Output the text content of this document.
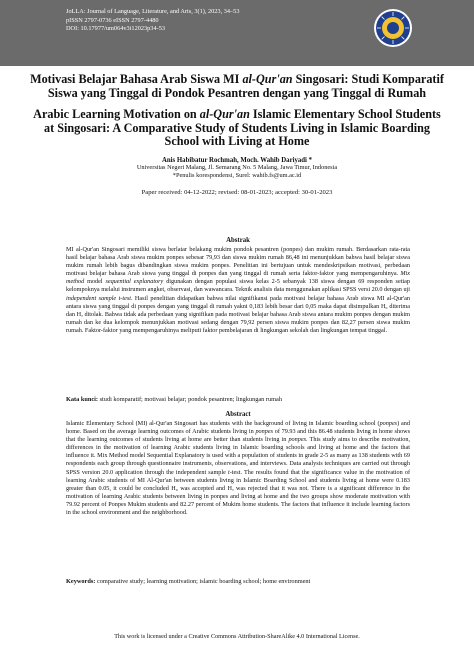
JoLLA: Journal of Language, Literature, and Arts, 3(1), 2023, 34–53
pISSN 2797-0736 eISSN 2797-4480
DOI: 10.17977/um064v3i12023p34-53
Motivasi Belajar Bahasa Arab Siswa MI al-Qur'an Singosari: Studi Komparatif Siswa yang Tinggal di Pondok Pesantren dengan yang Tinggal di Rumah
Arabic Learning Motivation on al-Qur'an Islamic Elementary School Students at Singosari: A Comparative Study of Students Living in Islamic Boarding School with Living at Home
Anis Habibatur Rochmah, Moch. Wahib Dariyadi *
Universitas Negeri Malang, Jl. Semarang No. 5 Malang, Jawa Timur, Indonesia
*Penulis korespondensi, Surel: wahib.fs@um.ac.id
Paper received: 04-12-2022; revised: 08-01-2023; accepted: 30-01-2023
Abstrak
MI al-Qur'an Singosari memiliki siswa berlatar belakang mukim pondok pesantren (ponpes) dan mukim rumah. Berdasarkan rata-rata hasil belajar bahasa Arab siswa mukim ponpes sebesar 79,93 dan siswa mukim rumah 86,48 ini menunjukkan bahwa hasil belajar siswa mukim rumah lebih bagus dibandingkan siswa mukim ponpes. Penelitian ini bertujuan untuk mendeskripsikan motivasi, perbedaan motivasi belajar bahasa Arab siswa yang tinggal di ponpes dan yang tinggal di rumah serta faktor-faktor yang mempengaruhinya. Mix method model sequential explanatory digunakan dengan populasi siswa kelas 2-5 sebanyak 138 siswa dengan 69 responden setiap kelompoknya melalui instrumen angket, observasi, dan wawancara. Teknik analisis data menggunakan aplikasi SPSS versi 20.0 dengan uji independent sample t-test. Hasil penelitian didapatkan bahwa nilai signifikansi pada motivasi belajar bahasa Arab siswa MI al-Qur'an antara siswa yang tinggal di ponpes dengan yang tinggal di rumah yakni 0,183 lebih besar dari 0,05 maka dapat disimpulkan H₀ diterima dan Hₐ ditolak. Bahwa tidak ada perbedaan yang signifikan pada motivasi belajar bahasa Arab siswa antara mukim ponpes dengan mukim rumah dan ke dua kelompok menunjukkan motivasi sedang dengan 79,92 persen siswa mukim ponpes dan 82,27 persen siswa mukim rumah. Faktor-faktor yang mempengaruhinya meliputi faktor pembelajaran di lingkungan sekolah dan lingkungan tempat tinggal.
Kata kunci: studi komparatif; motivasi belajar; pondok pesantren; lingkungan rumah
Abstract
Islamic Elementary School (MI) al-Qur'an Singosari has students with the background of living in Islamic boarding school (ponpes) and home. Based on the average learning outcomes of Arabic students living in ponpes of 79.93 and this 86.48 students living in home shows that the learning outcomes of students living at home are better than students living in ponpes. This study aims to describe motivation, differences in the motivation of learning Arabic students living in Islamic boarding schools and living at home and the factors that influence it. Mix Method model Sequential Explanatory is used with a population of students in grade 2-5 as many as 138 students with 69 respondents each group through questionnaire instruments, observations, and interviews. Data analysis techniques are carried out through SPSS version 20.0 application through the independent sample t-test. The results found that the significance value in the motivation of learning Arabic students of MI Al-Qur'an between students living in Islamic Boarding School and students living at home were 0.183 greater than 0.05, it could be concluded H₀ was accepted and Hₐ was rejected that it was not. There is a significant difference in the motivation of learning Arabic students between living in ponpes and living at home and the two groups show moderate motivation with 79.92 percent of Ponpes Mukim students and 82.27 percent of Mukim home students. The factors that influence it include learning factors in the school environment and the neighborhood.
Keywords: comparative study; learning motivation; islamic boarding school; home environment
This work is licensed under a Creative Commons Attribution-ShareAlike 4.0 International License.
